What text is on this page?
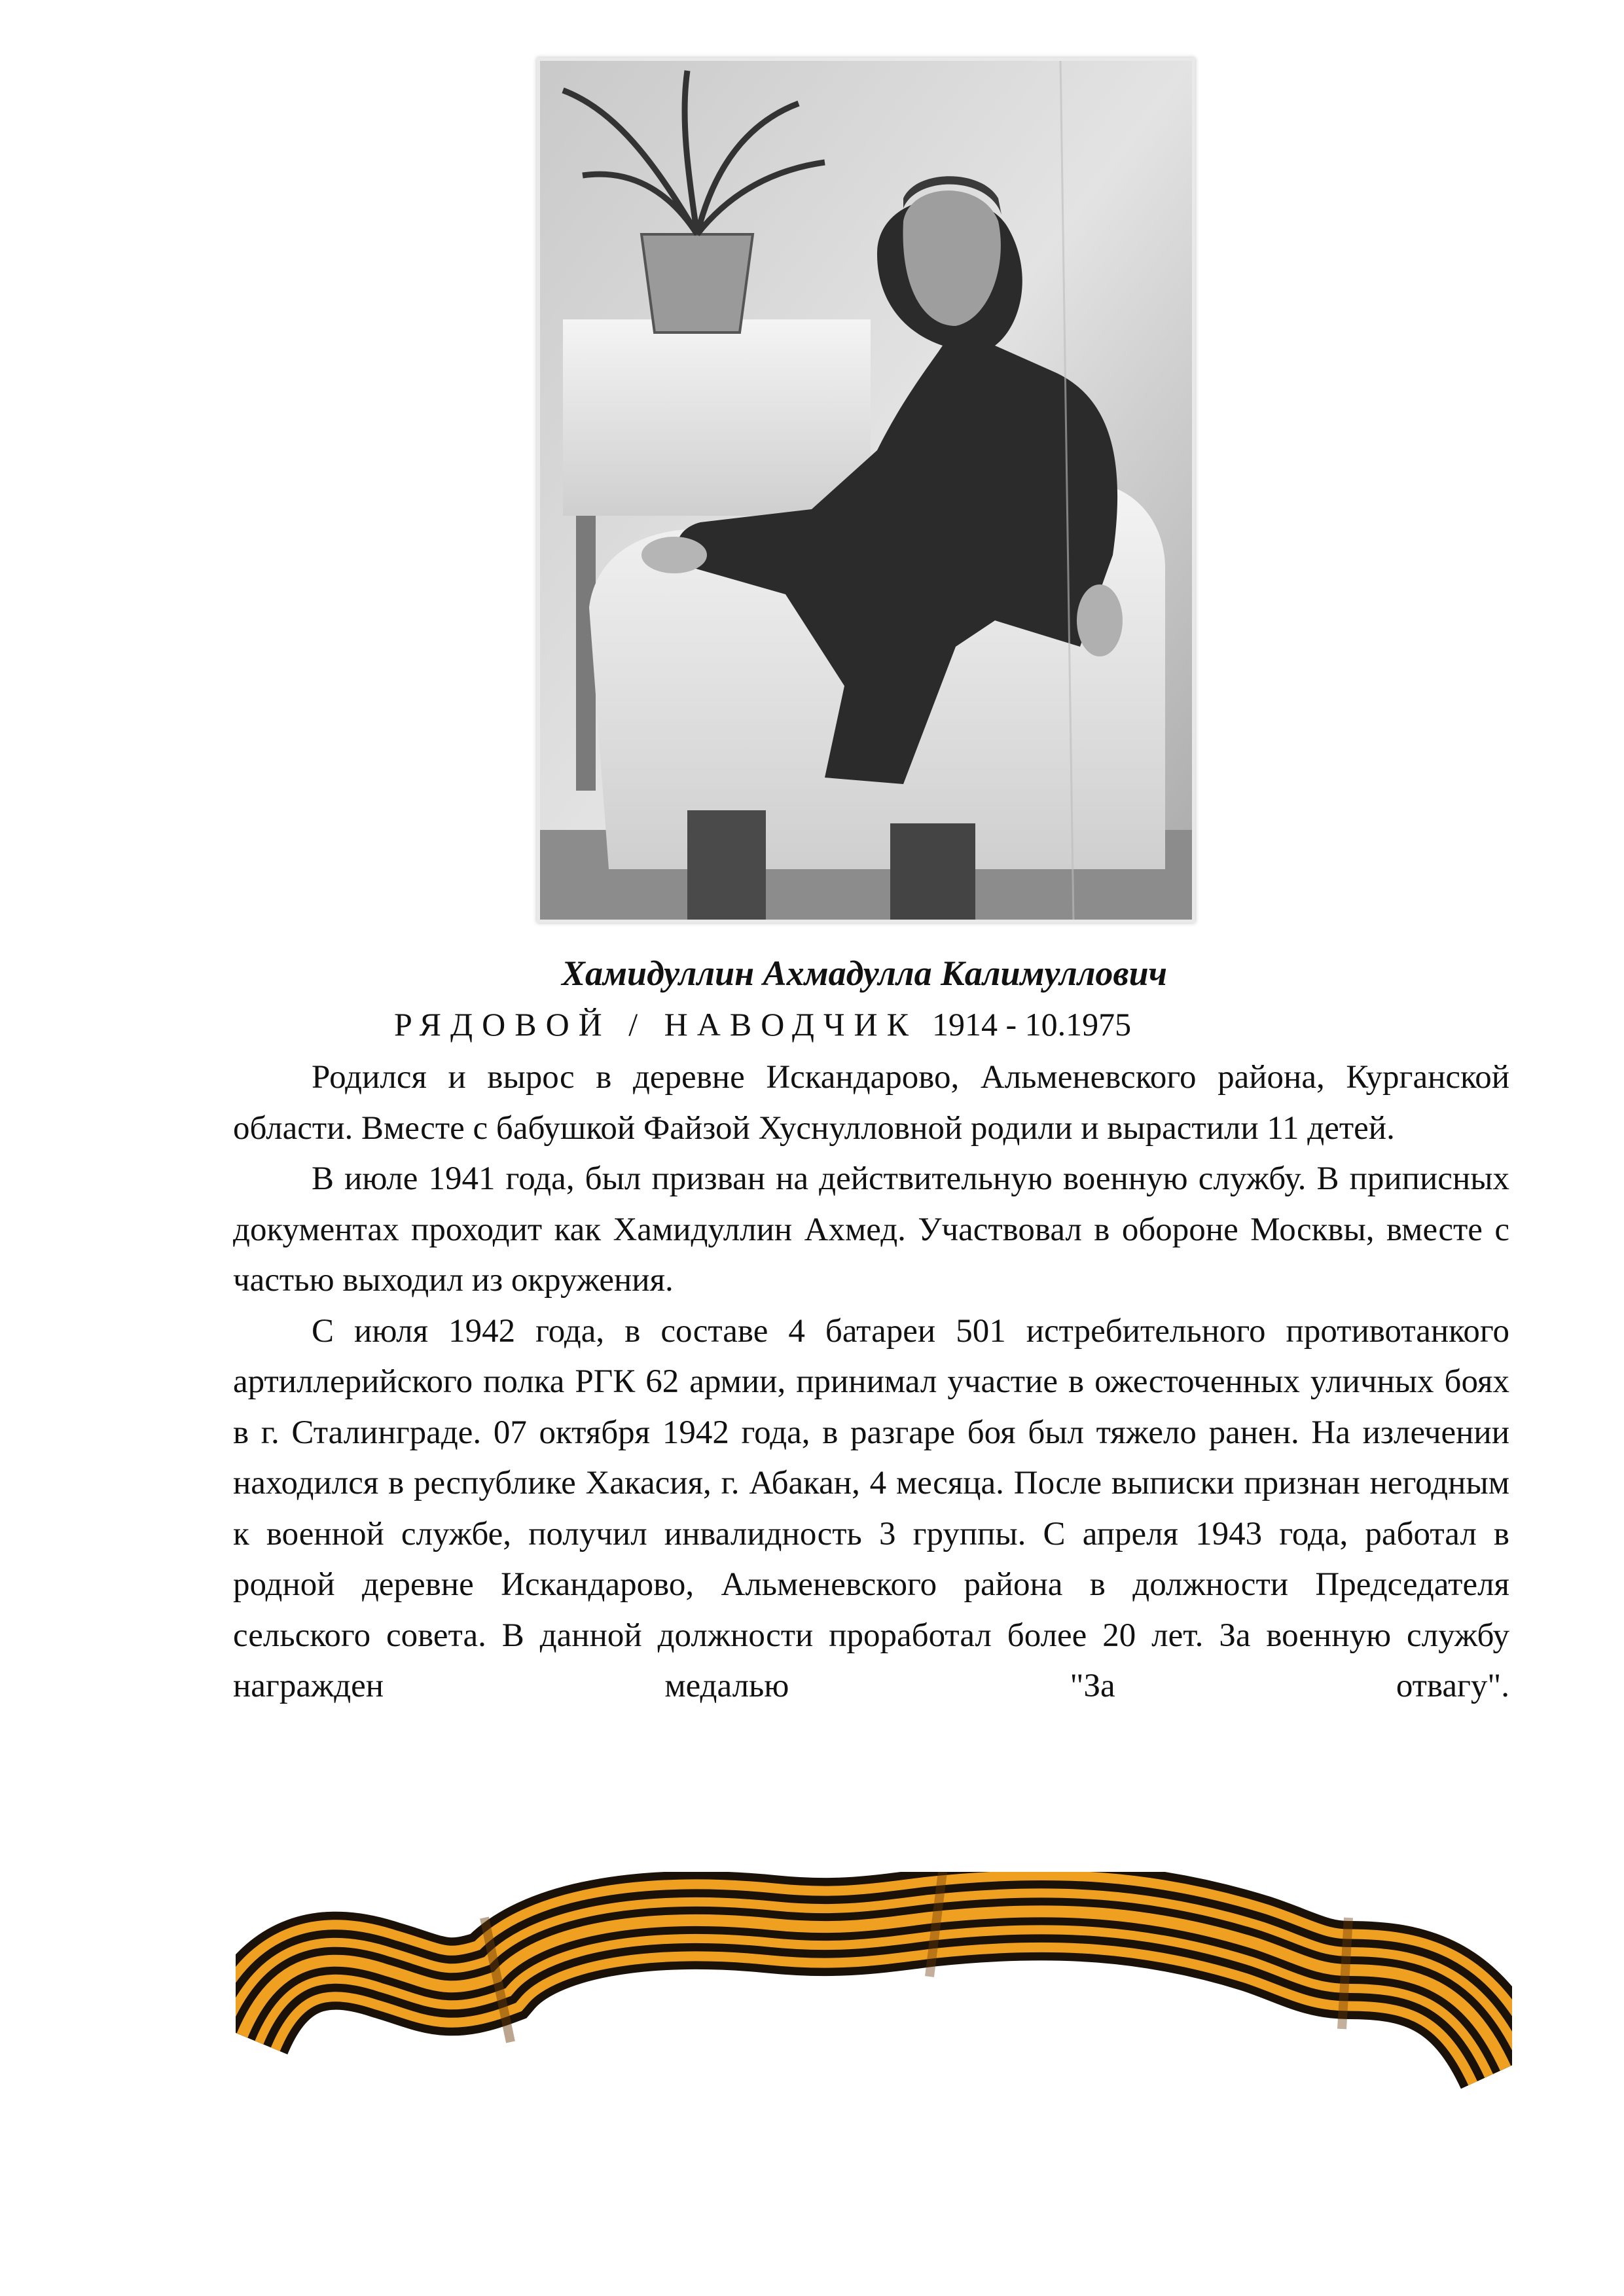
Хамидуллин Ахмадулла Калимуллович
РЯДОВОЙ / НАВОДЧИК 1914 - 10.1975

Родился и вырос в деревне Искандарово, Альменевского района, Курганской области. Вместе с бабушкой Файзой Хуснулловной родили и вырастили 11 детей.

В июле 1941 года, был призван на действительную военную службу. В приписных документах проходит как Хамидуллин Ахмед. Участвовал в обороне Москвы, вместе с частью выходил из окружения.

С июля 1942 года, в составе 4 батареи 501 истребительного противотанкого артиллерийского полка РГК 62 армии, принимал участие в ожесточенных уличных боях в г. Сталинграде. 07 октября 1942 года, в разгаре боя был тяжело ранен. На излечении находился в республике Хакасия, г. Абакан, 4 месяца. После выписки признан негодным к военной службе, получил инвалидность 3 группы. С апреля 1943 года, работал в родной деревне Искандарово, Альменевского района в должности Председателя сельского совета. В данной должности проработал более 20 лет. За военную службу награжден медалью "За отвагу".
